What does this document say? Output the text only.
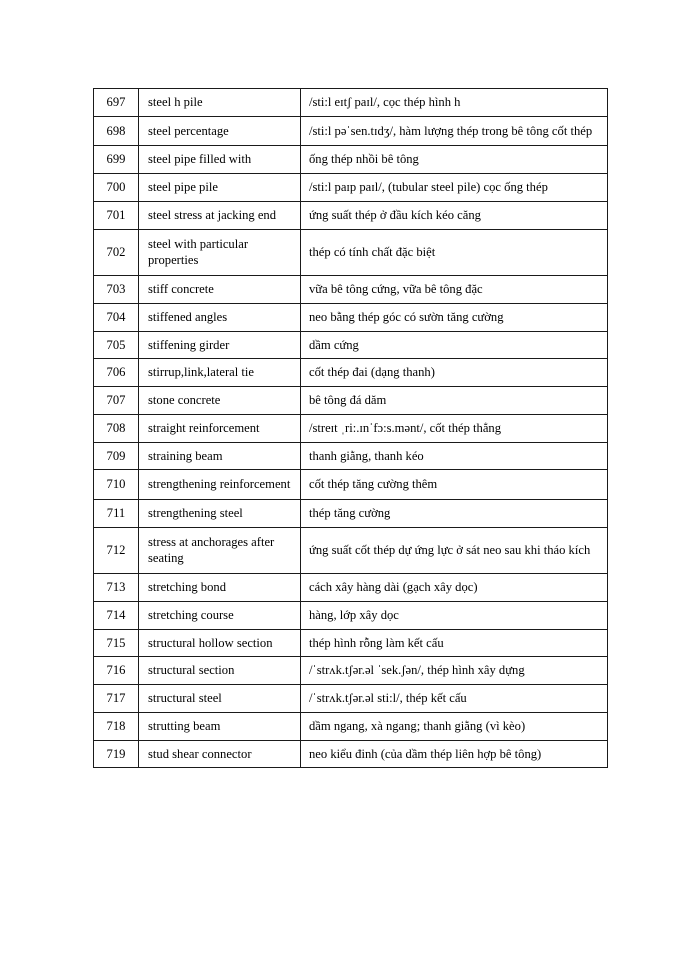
697	steel h pile	/sti:l eɪtʃ paɪl/, cọc thép hình h
698	steel percentage	/sti:l pəˈsen.tɪdʒ/, hàm lượng thép trong bê tông cốt thép
699	steel pipe filled with	ống thép nhồi bê tông
700	steel pipe pile	/sti:l paɪp paɪl/, (tubular steel pile) cọc ống thép
701	steel stress at jacking end	ứng suất thép ở đầu kích kéo căng
702	steel with particular properties	thép có tính chất đặc biệt
703	stiff concrete	vữa bê tông cứng, vữa bê tông đặc
704	stiffened angles	neo bằng thép góc có sườn tăng cường
705	stiffening girder	dầm cứng
706	stirrup,link,lateral tie	cốt thép đai (dạng thanh)
707	stone concrete	bê tông đá dăm
708	straight reinforcement	/streɪt ˌri:.ɪnˈfɔ:s.mənt/, cốt thép thẳng
709	straining beam	thanh giằng, thanh kéo
710	strengthening reinforcement	cốt thép tăng cường thêm
711	strengthening steel	thép tăng cường
712	stress at anchorages after seating	ứng suất cốt thép dự ứng lực ở sát neo sau khi tháo kích
713	stretching bond	cách xây hàng dài (gạch xây dọc)
714	stretching course	hàng, lớp xây dọc
715	structural hollow section	thép hình rỗng làm kết cấu
716	structural section	/ˈstrʌk.tʃər.əl ˈsek.ʃən/, thép hình xây dựng
717	structural steel	/ˈstrʌk.tʃər.əl sti:l/, thép kết cấu
718	strutting beam	dầm ngang, xà ngang; thanh giằng (vì kèo)
719	stud shear connector	neo kiểu đinh (của dầm thép liên hợp bê tông)
